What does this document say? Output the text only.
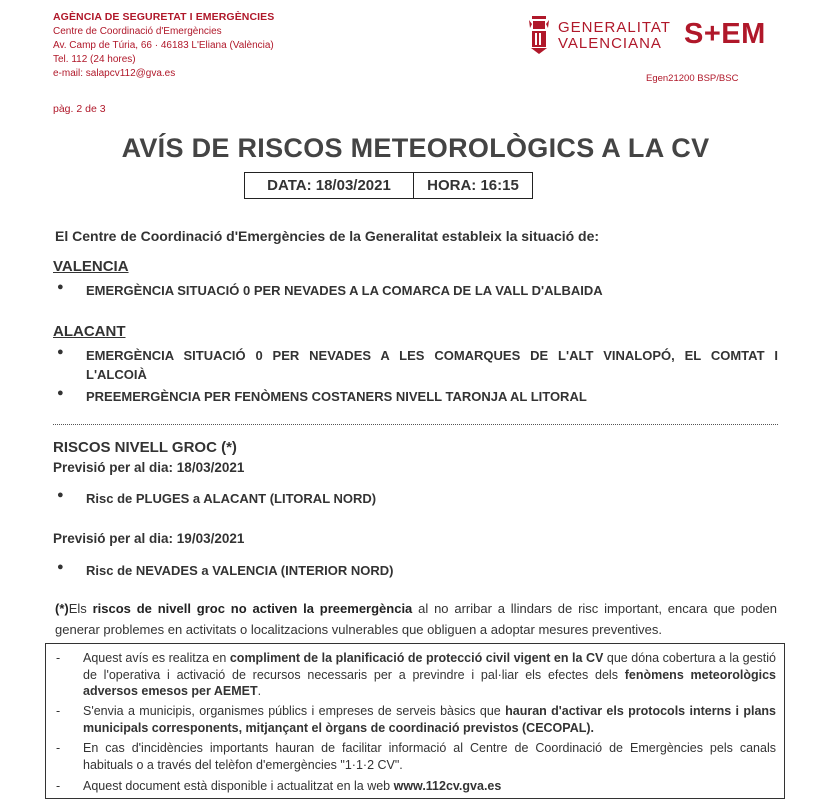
AGÈNCIA DE SEGURETAT I EMERGÈNCIES
Centre de Coordinació d'Emergències
Av. Camp de Túria, 66 · 46183 L'Eliana (València)
Tel. 112 (24 hores)
e-mail: salapcv112@gva.es
GENERALITAT
VALENCIANA S+EM
Egen21200 BSP/BSC
pàg. 2 de 3
AVÍS DE RISCOS METEOROLÒGICS A LA CV
DATA: 18/03/2021	HORA: 16:15
El Centre de Coordinació d'Emergències de la Generalitat estableix la situació de:
VALENCIA
●	EMERGÈNCIA SITUACIÓ 0 PER NEVADES A LA COMARCA DE LA VALL D'ALBAIDA
ALACANT
●	EMERGÈNCIA SITUACIÓ 0 PER NEVADES A LES COMARQUES DE L'ALT VINALOPÓ, EL COMTAT I
L'ALCOIÀ
●	PREEMERGÈNCIA PER FENÒMENS COSTANERS NIVELL TARONJA AL LITORAL
RISCOS NIVELL GROC (*)
Previsió per al dia: 18/03/2021
●	Risc de PLUGES a ALACANT (LITORAL NORD)
Previsió per al dia: 19/03/2021
●	Risc de NEVADES a VALENCIA (INTERIOR NORD)
(*)Els riscos de nivell groc no activen la preemergència al no arribar a llindars de risc important, encara que poden generar problemes en activitats o localitzacions vulnerables que obliguen a adoptar mesures preventives.
-	Aquest avís es realitza en compliment de la planificació de protecció civil vigent en la CV que dóna cobertura a la gestió de l'operativa i activació de recursos necessaris per a previndre i pal·liar els efectes dels fenòmens meteorològics adversos emesos per AEMET.
-	S'envia a municipis, organismes públics i empreses de serveis bàsics que hauran d'activar els protocols interns i plans municipals corresponents, mitjançant el òrgans de coordinació previstos (CECOPAL).
-	En cas d'incidències importants hauran de facilitar informació al Centre de Coordinació de Emergències pels canals habituals o a través del telèfon d'emergències "1·1·2 CV".
-	Aquest document està disponible i actualitzat en la web www.112cv.gva.es
